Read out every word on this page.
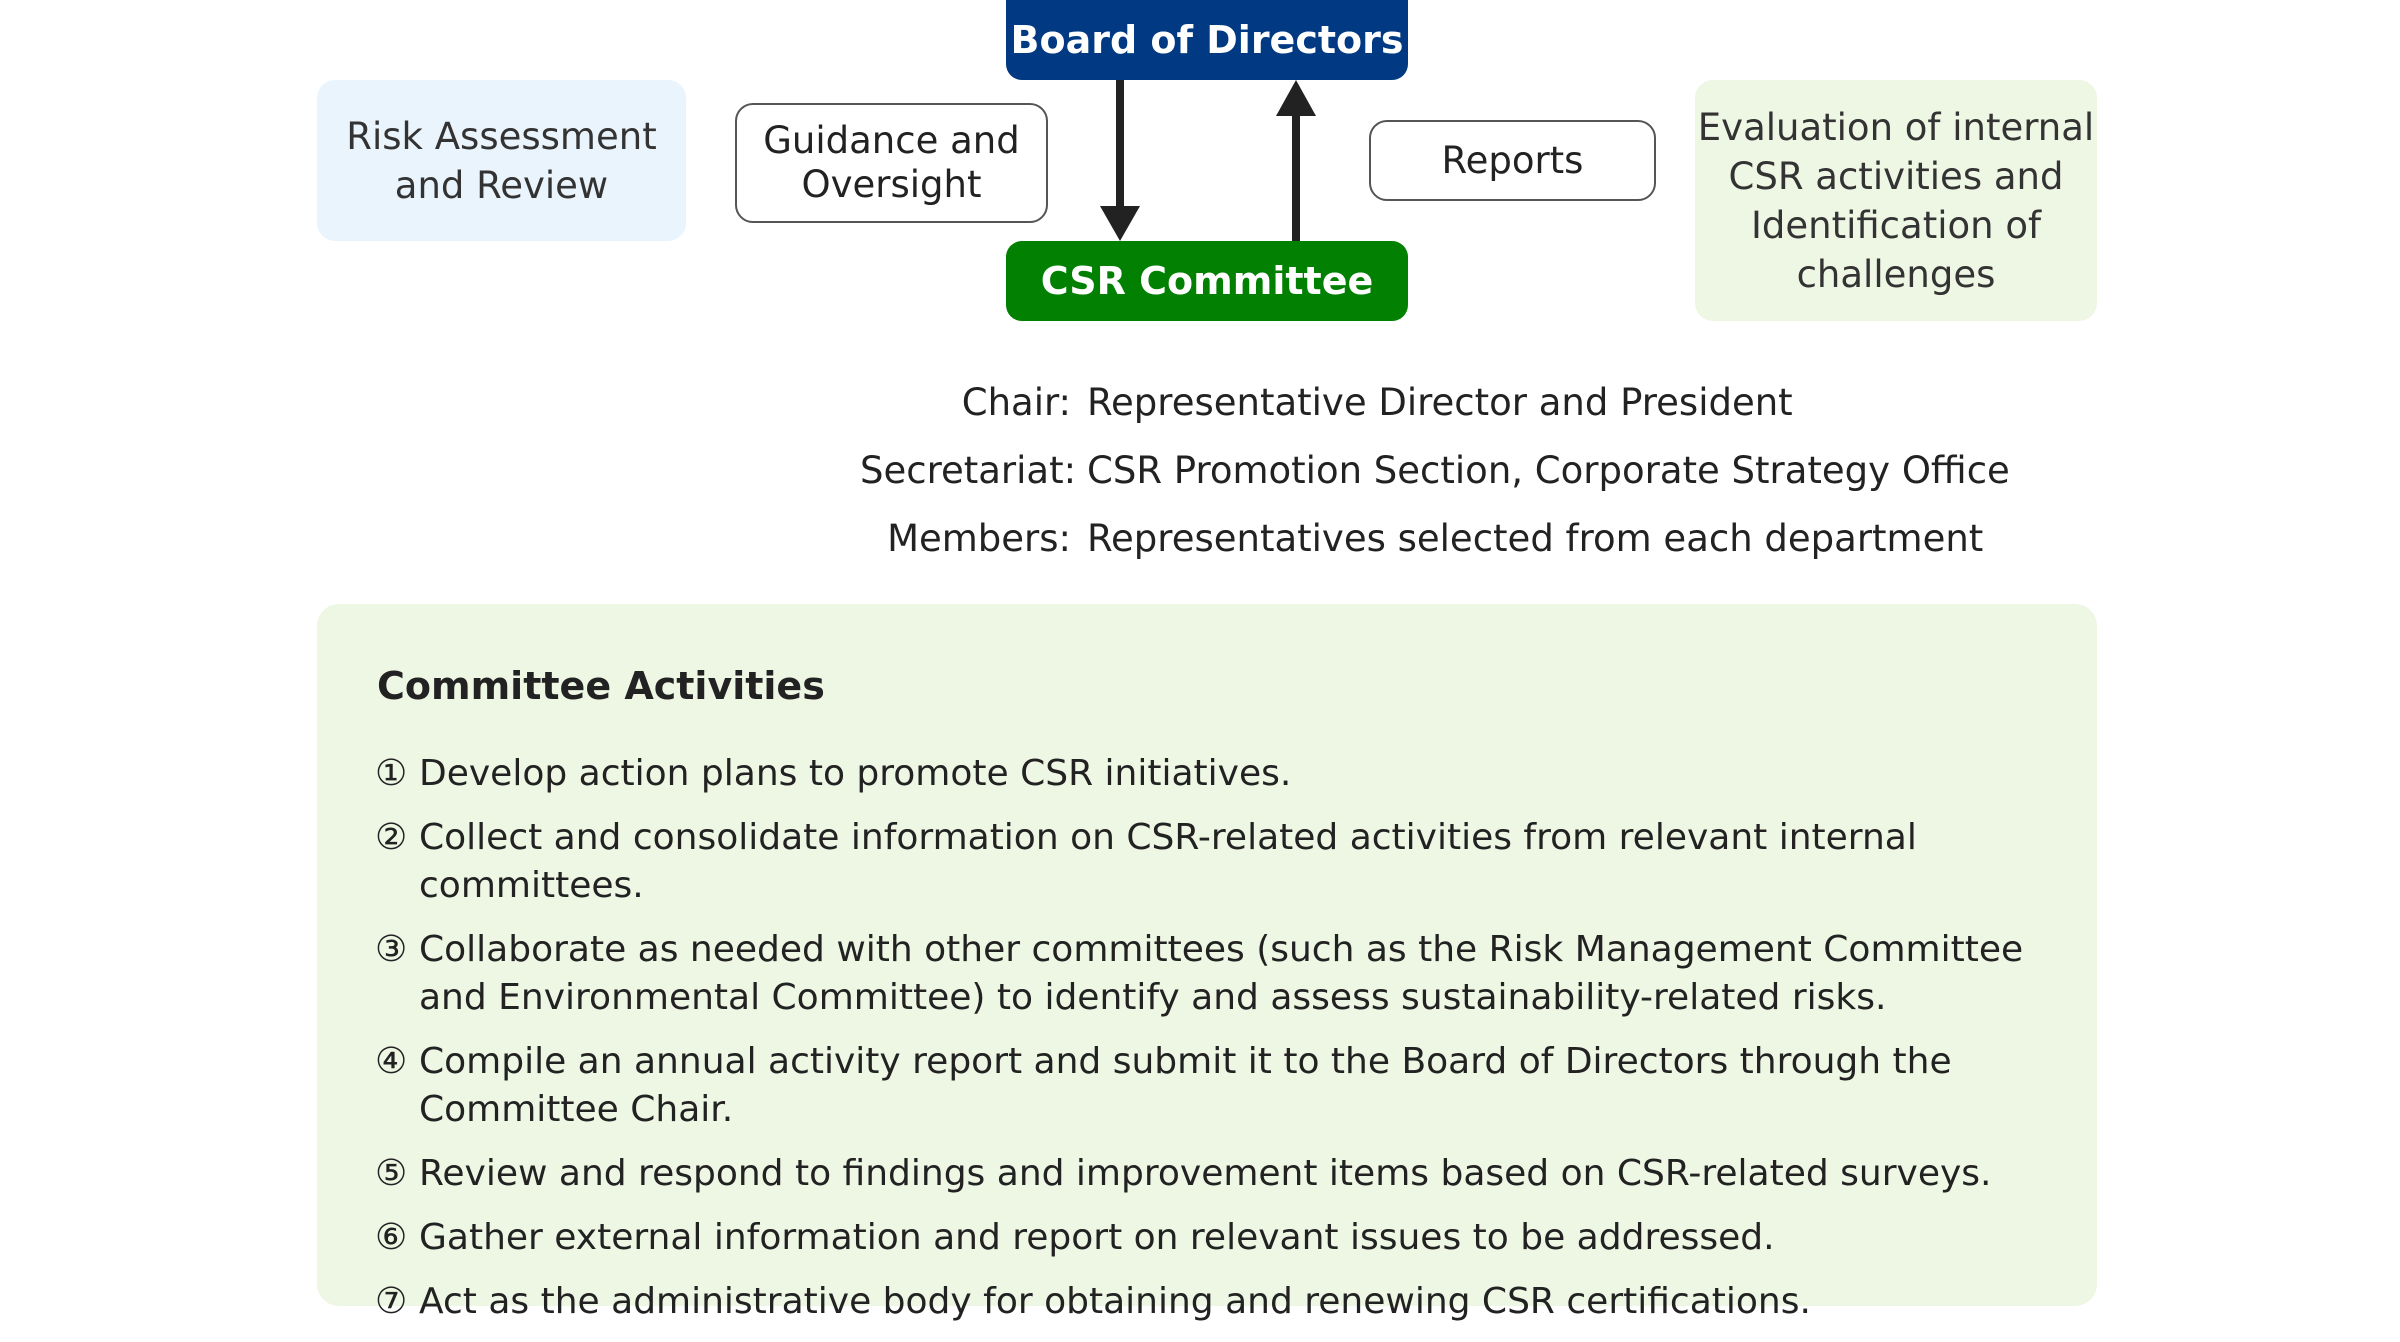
Risk Assessment
and Review
Guidance and
Oversight
Board of Directors
CSR Committee
Reports
Evaluation of internal
CSR activities and
Identification of
challenges
Chair: Representative Director and President
Secretariat: CSR Promotion Section, Corporate Strategy Office
Members: Representatives selected from each department
Committee Activities
① Develop action plans to promote CSR initiatives.
② Collect and consolidate information on CSR-related activities from relevant internal committees.
③ Collaborate as needed with other committees (such as the Risk Management Committee and Environmental Committee) to identify and assess sustainability-related risks.
④ Compile an annual activity report and submit it to the Board of Directors through the Committee Chair.
⑤ Review and respond to findings and improvement items based on CSR-related surveys.
⑥ Gather external information and report on relevant issues to be addressed.
⑦ Act as the administrative body for obtaining and renewing CSR certifications.
